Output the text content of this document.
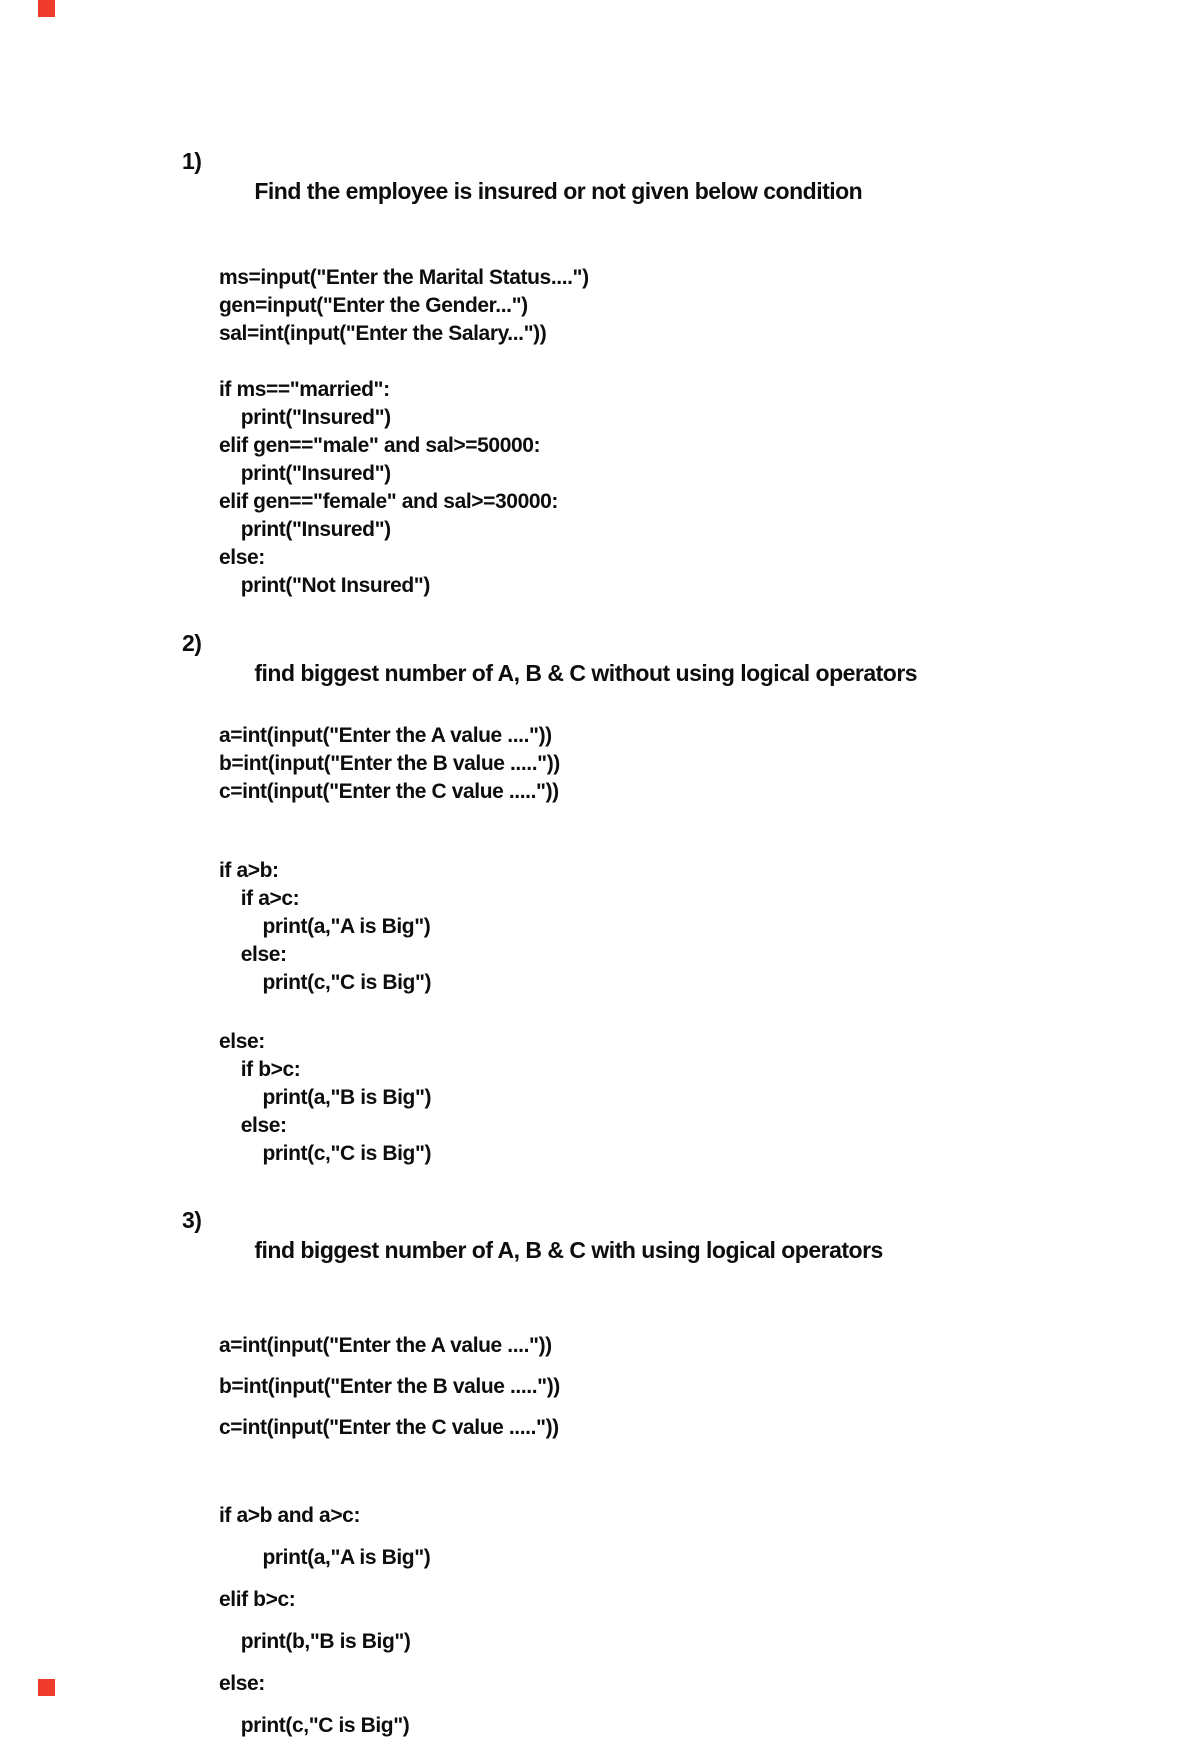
1)
Find the employee is insured or not given below condition

ms=input("Enter the Marital Status....")
gen=input("Enter the Gender...")
sal=int(input("Enter the Salary..."))
if ms=="married":
print("Insured")
elif gen=="male" and sal>=50000:
print("Insured")
elif gen=="female" and sal>=30000:
print("Insured")
else:
print("Not Insured")

2)
find biggest number of A, B & C without using logical operators

a=int(input("Enter the A value ...."))
b=int(input("Enter the B value ....."))
c=int(input("Enter the C value ....."))
if a>b:
if a>c:
print(a,"A is Big")
else:
print(c,"C is Big")
else:
if b>c:
print(a,"B is Big")
else:
print(c,"C is Big")

3)
find biggest number of A, B & C with using logical operators

a=int(input("Enter the A value ...."))
b=int(input("Enter the B value ....."))
c=int(input("Enter the C value ....."))
if a>b and a>c:
print(a,"A is Big")
elif b>c:
print(b,"B is Big")
else:
print(c,"C is Big")
